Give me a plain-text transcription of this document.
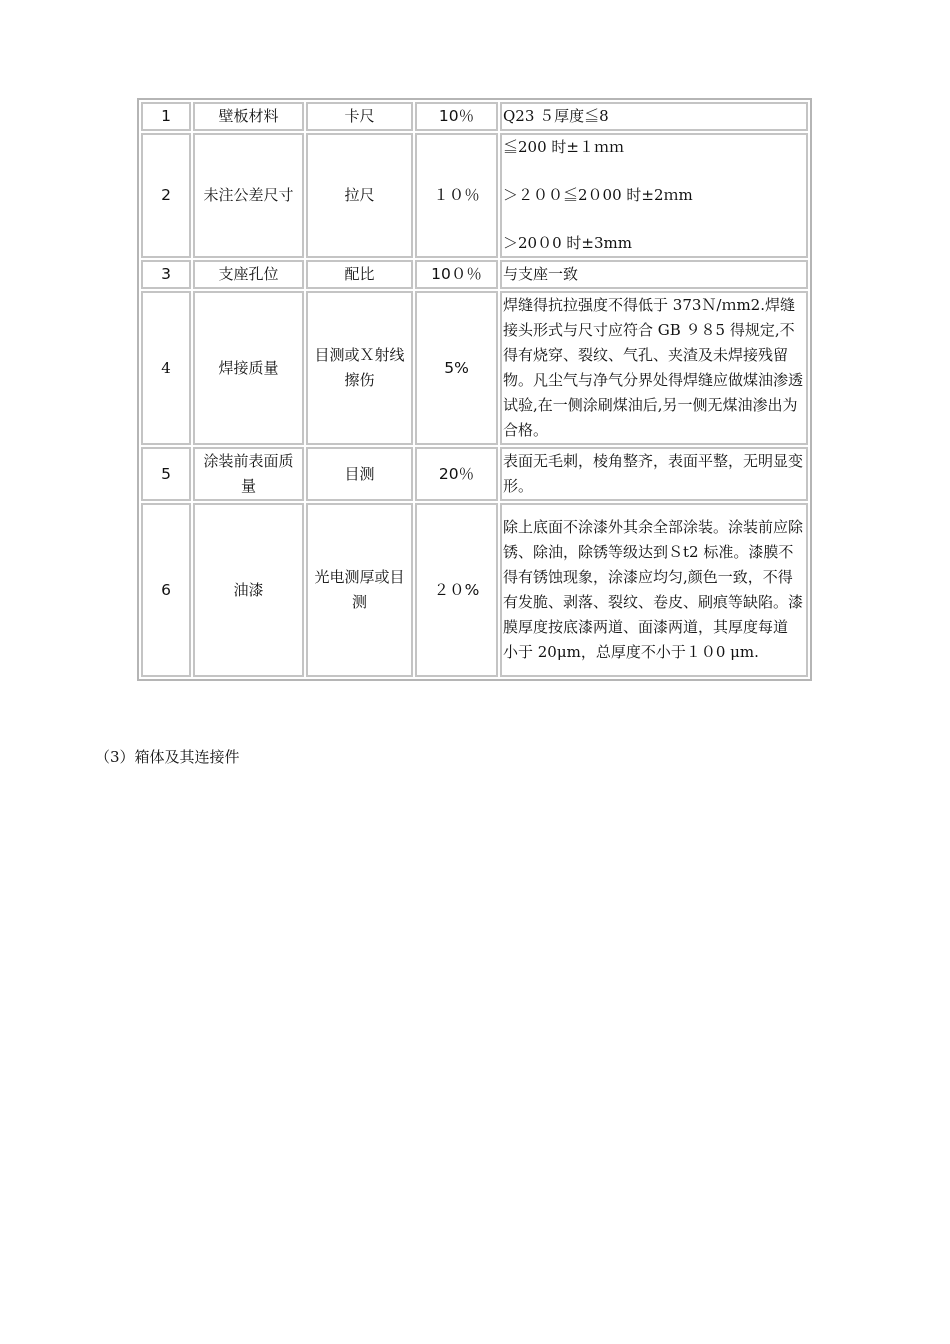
1	壁板材料	卡尺	10％	Q23 ５厚度≦8
2	未注公差尺寸	拉尺	１０％	≦200 时±１ｍｍ
＞２００≦2０00 时±2ｍm
＞20０0 时±3mm

3	支座孔位	配比	10０％	与支座一致
4	焊接质量	目测或Ｘ射线擦伤	5%	焊缝得抗拉强度不得低于 373Ｎ/ｍm2.焊缝接头形式与尺寸应符合 GB ９８5 得规定,不得有烧穿、裂纹、气孔、夹渣及未焊接残留物。凡尘气与净气分界处得焊缝应做煤油渗透试验,在一侧涂刷煤油后,另一侧无煤油渗出为合格。
5	涂装前表面质量	目测	20％	表面无毛刺，棱角整齐，表面平整，无明显变形。
6	油漆	光电测厚或目测	２０%	除上底面不涂漆外其余全部涂装。涂装前应除锈、除油，除锈等级达到Ｓt2 标准。漆膜不得有锈蚀现象，涂漆应均匀,颜色一致，不得有发脆、剥落、裂纹、卷皮、刷痕等缺陷。漆膜厚度按底漆两道、面漆两道，其厚度每道 小于 20μm，总厚度不小于１０0 μm.
（3）箱体及其连接件
